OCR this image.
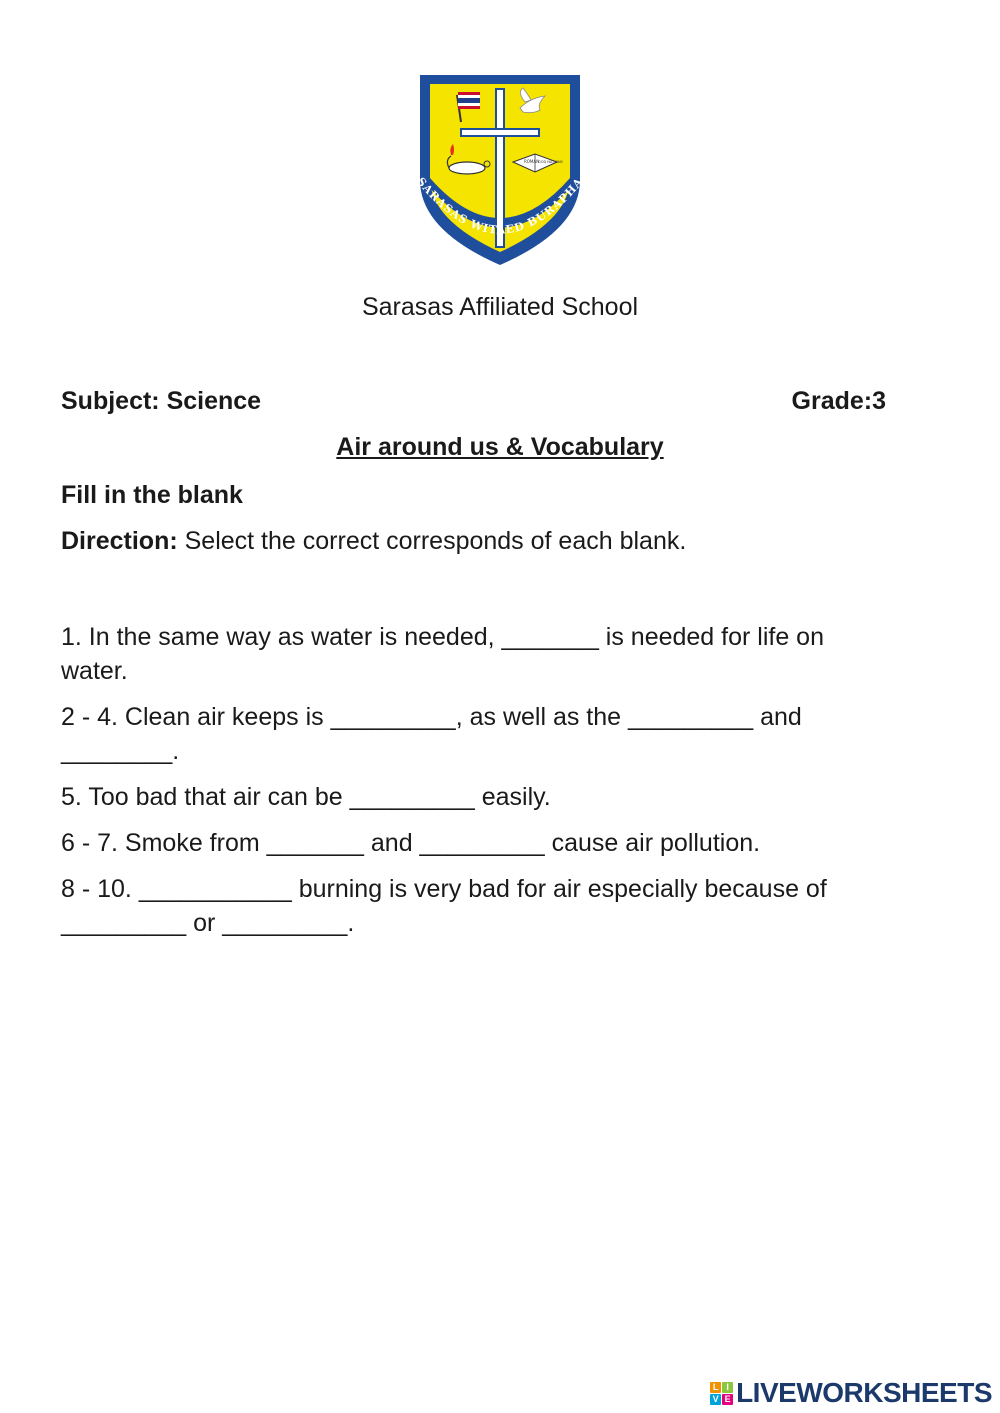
ROMAN
GOD NATIONS
SARASAS WITAED BURAPHA
Sarasas Affiliated School
Subject: Science	Grade:3
Air around us & Vocabulary
Fill in the blank
Direction: Select the correct corresponds of each blank.
1. In the same way as water is needed, _______ is needed for life on water.
2 - 4. Clean air keeps is _________, as well as the _________ and ________.
5. Too bad that air can be _________ easily.
6 - 7. Smoke from _______ and _________ cause air pollution.
8 - 10. ___________ burning is very bad for air especially because of _________ or _________.
L I
V E LIVEWORKSHEETS
